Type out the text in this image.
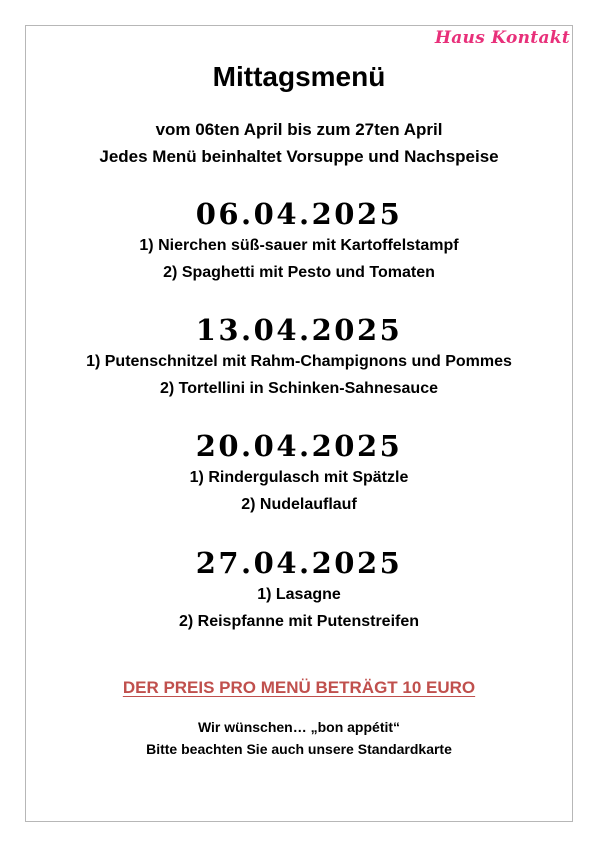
Haus Kontakt
Mittagsmenü
vom 06ten April bis zum 27ten April
Jedes Menü beinhaltet Vorsuppe und Nachspeise
06.04.2025
1) Nierchen süß-sauer mit Kartoffelstampf
2) Spaghetti mit Pesto und Tomaten
13.04.2025
1) Putenschnitzel mit Rahm-Champignons und Pommes
2) Tortellini in Schinken-Sahnesauce
20.04.2025
1) Rindergulasch mit Spätzle
2) Nudelauflauf
27.04.2025
1) Lasagne
2) Reispfanne mit Putenstreifen
DER PREIS PRO MENÜ BETRÄGT 10 EURO
Wir wünschen… „bon appétit“
Bitte beachten Sie auch unsere Standardkarte
